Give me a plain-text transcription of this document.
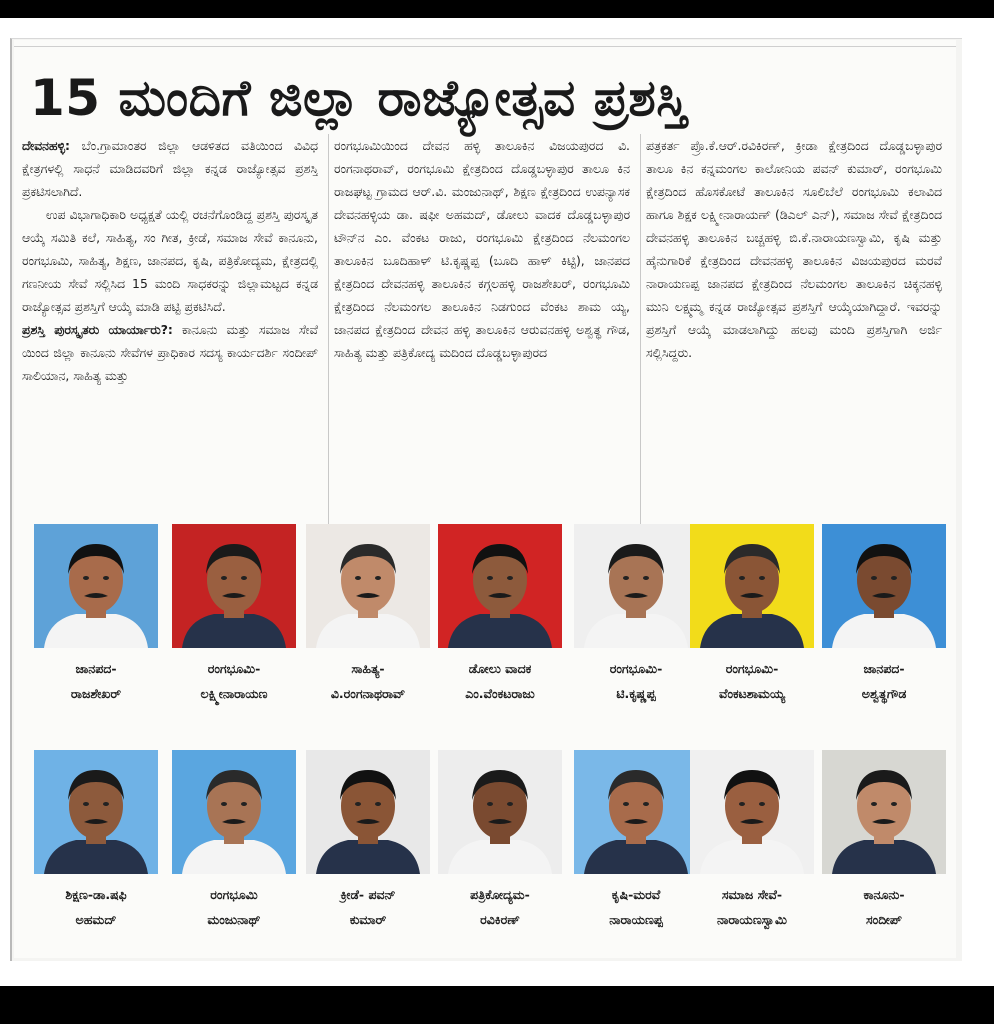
15 ಮಂದಿಗೆ ಜಿಲ್ಲಾ ರಾಜ್ಯೋತ್ಸವ ಪ್ರಶಸ್ತಿ

ದೇವನಹಳ್ಳಿ: ಬೆಂ.ಗ್ರಾಮಾಂತರ ಜಿಲ್ಲಾ ಆಡಳಿತದ ವತಿಯಿಂದ ವಿವಿಧ ಕ್ಷೇತ್ರಗಳಲ್ಲಿ ಸಾಧನೆ ಮಾಡಿದವರಿಗೆ ಜಿಲ್ಲಾ ಕನ್ನಡ ರಾಜ್ಯೋತ್ಸವ ಪ್ರಶಸ್ತಿ ಪ್ರಕಟಿಸಲಾಗಿದೆ.

ಉಪ ವಿಭಾಗಾಧಿಕಾರಿ ಅಧ್ಯಕ್ಷತೆ ಯಲ್ಲಿ ರಚನೆಗೊಂಡಿದ್ದ ಪ್ರಶಸ್ತಿ ಪುರಸ್ಕೃತ ಆಯ್ಕೆ ಸಮಿತಿ ಕಲೆ, ಸಾಹಿತ್ಯ, ಸಂ ಗೀತ, ಕ್ರೀಡೆ, ಸಮಾಜ ಸೇವೆ ಕಾನೂನು, ರಂಗಭೂಮಿ, ಸಾಹಿತ್ಯ, ಶಿಕ್ಷಣ, ಜಾನಪದ, ಕೃಷಿ, ಪತ್ರಿಕೋದ್ಯಮ, ಕ್ಷೇತ್ರದಲ್ಲಿ ಗಣನೀಯ ಸೇವೆ ಸಲ್ಲಿಸಿದ 15 ಮಂದಿ ಸಾಧಕರನ್ನು ಜಿಲ್ಲಾಮಟ್ಟದ ಕನ್ನಡ ರಾಜ್ಯೋತ್ಸವ ಪ್ರಶಸ್ತಿಗೆ ಆಯ್ಕೆ ಮಾಡಿ ಪಟ್ಟಿ ಪ್ರಕಟಿಸಿದೆ.

ಪ್ರಶಸ್ತಿ ಪುರಸ್ಕೃತರು ಯಾರ್ಯಾರು?: ಕಾನೂನು ಮತ್ತು ಸಮಾಜ ಸೇವೆ ಯಿಂದ ಜಿಲ್ಲಾ ಕಾನೂನು ಸೇವೆಗಳ ಪ್ರಾಧಿಕಾರ ಸದಸ್ಯ ಕಾರ್ಯದರ್ಶಿ ಸಂದೀಪ್ ಸಾಲಿಯಾನ, ಸಾಹಿತ್ಯ ಮತ್ತು

ರಂಗಭೂಮಿಯಿಂದ ದೇವನ ಹಳ್ಳಿ ತಾಲೂಕಿನ ವಿಜಯಪುರದ ವಿ. ರಂಗನಾಥರಾವ್, ರಂಗಭೂಮಿ ಕ್ಷೇತ್ರದಿಂದ ದೊಡ್ಡಬಳ್ಳಾಪುರ ತಾಲೂ ಕಿನ ರಾಜಘಟ್ಟ ಗ್ರಾಮದ ಆರ್.ವಿ. ಮಂಜುನಾಥ್, ಶಿಕ್ಷಣ ಕ್ಷೇತ್ರದಿಂದ ಉಪನ್ಯಾಸಕ ದೇವನಹಳ್ಳಿಯ ಡಾ. ಷಫೀ ಅಹಮದ್, ಡೋಲು ವಾದಕ ದೊಡ್ಡಬಳ್ಳಾಪುರ ಟೌನ್‌ನ ಎಂ. ವೆಂಕಟ ರಾಜು, ರಂಗಭೂಮಿ ಕ್ಷೇತ್ರದಿಂದ ನೆಲಮಂಗಲ ತಾಲೂಕಿನ ಬೂದಿಹಾಳ್ ಟಿ.ಕೃಷ್ಣಪ್ಪ (ಬೂದಿ ಹಾಳ್ ಕಿಟ್ಟಿ), ಜಾನಪದ ಕ್ಷೇತ್ರದಿಂದ ದೇವನಹಳ್ಳಿ ತಾಲೂಕಿನ ಕಗ್ಗಲಹಳ್ಳಿ ರಾಜಶೇಖರ್, ರಂಗಭೂಮಿ ಕ್ಷೇತ್ರದಿಂದ ನೆಲಮಂಗಲ ತಾಲೂಕಿನ ನಿಡಗುಂದ ವೆಂಕಟ ಶಾಮ ಯ್ಯ, ಜಾನಪದ ಕ್ಷೇತ್ರದಿಂದ ದೇವನ ಹಳ್ಳಿ ತಾಲೂಕಿನ ಆರುವನಹಳ್ಳಿ ಅಶ್ವತ್ಥ ಗೌಡ, ಸಾಹಿತ್ಯ ಮತ್ತು ಪತ್ರಿಕೋದ್ಯ ಮದಿಂದ ದೊಡ್ಡಬಳ್ಳಾಪುರದ

ಪತ್ರಕರ್ತ ಪ್ರೊ.ಕೆ.ಆರ್.ರವಿಕಿರಣ್, ಕ್ರೀಡಾ ಕ್ಷೇತ್ರದಿಂದ ದೊಡ್ಡಬಳ್ಳಾಪುರ ತಾಲೂ ಕಿನ ಕನ್ನಮಂಗಲ ಕಾಲೋನಿಯ ಪವನ್ ಕುಮಾರ್, ರಂಗಭೂಮಿ ಕ್ಷೇತ್ರದಿಂದ ಹೊಸಕೋಟೆ ತಾಲೂಕಿನ ಸೂಲಿಬೆಲೆ ರಂಗಭೂಮಿ ಕಲಾವಿದ ಹಾಗೂ ಶಿಕ್ಷಕ ಲಕ್ಷ್ಮೀನಾರಾಯಣ್ (ಡಿಎಲ್ ಎನ್), ಸಮಾಜ ಸೇವೆ ಕ್ಷೇತ್ರದಿಂದ ದೇವನಹಳ್ಳಿ ತಾಲೂಕಿನ ಬಚ್ಚಹಳ್ಳಿ ಬಿ.ಕೆ.ನಾರಾಯಣಸ್ವಾಮಿ, ಕೃಷಿ ಮತ್ತು ಹೈನುಗಾರಿಕೆ ಕ್ಷೇತ್ರದಿಂದ ದೇವನಹಳ್ಳಿ ತಾಲೂಕಿನ ವಿಜಯಪುರದ ಮರವೆ ನಾರಾಯಣಪ್ಪ ಜಾನಪದ ಕ್ಷೇತ್ರದಿಂದ ನೆಲಮಂಗಲ ತಾಲೂಕಿನ ಚಿಕ್ಕನಹಳ್ಳಿ ಮುನಿ ಲಕ್ಷ್ಮಮ್ಮ ಕನ್ನಡ ರಾಜ್ಯೋತ್ಸವ ಪ್ರಶಸ್ತಿಗೆ ಆಯ್ಕೆಯಾಗಿದ್ದಾರೆ. ಇವರನ್ನು ಪ್ರಶಸ್ತಿಗೆ ಆಯ್ಕೆ ಮಾಡಲಾಗಿದ್ದು ಹಲವು ಮಂದಿ ಪ್ರಶಸ್ತಿಗಾಗಿ ಅರ್ಜಿ ಸಲ್ಲಿಸಿದ್ದರು.

ಜಾನಪದ-
ರಾಜಶೇಖರ್
ರಂಗಭೂಮಿ-
ಲಕ್ಷ್ಮೀನಾರಾಯಣ
ಸಾಹಿತ್ಯ-
ವಿ.ರಂಗನಾಥರಾವ್
ಡೋಲು ವಾದಕ
ಎಂ.ವೆಂಕಟರಾಜು
ರಂಗಭೂಮಿ-
ಟಿ.ಕೃಷ್ಣಪ್ಪ
ರಂಗಭೂಮಿ-
ವೆಂಕಟಶಾಮಯ್ಯ
ಜಾನಪದ-
ಅಶ್ವತ್ಥಗೌಡ
ಶಿಕ್ಷಣ-ಡಾ.ಷಫಿ
ಅಹಮದ್
ರಂಗಭೂಮಿ
ಮಂಜುನಾಥ್
ಕ್ರೀಡೆ- ಪವನ್
ಕುಮಾರ್
ಪತ್ರಿಕೋದ್ಯಮ-
ರವಿಕಿರಣ್
ಕೃಷಿ-ಮರವೆ
ನಾರಾಯಣಪ್ಪ
ಸಮಾಜ ಸೇವೆ-
ನಾರಾಯಣಸ್ವಾಮಿ
ಕಾನೂನು-
ಸಂದೀಪ್
